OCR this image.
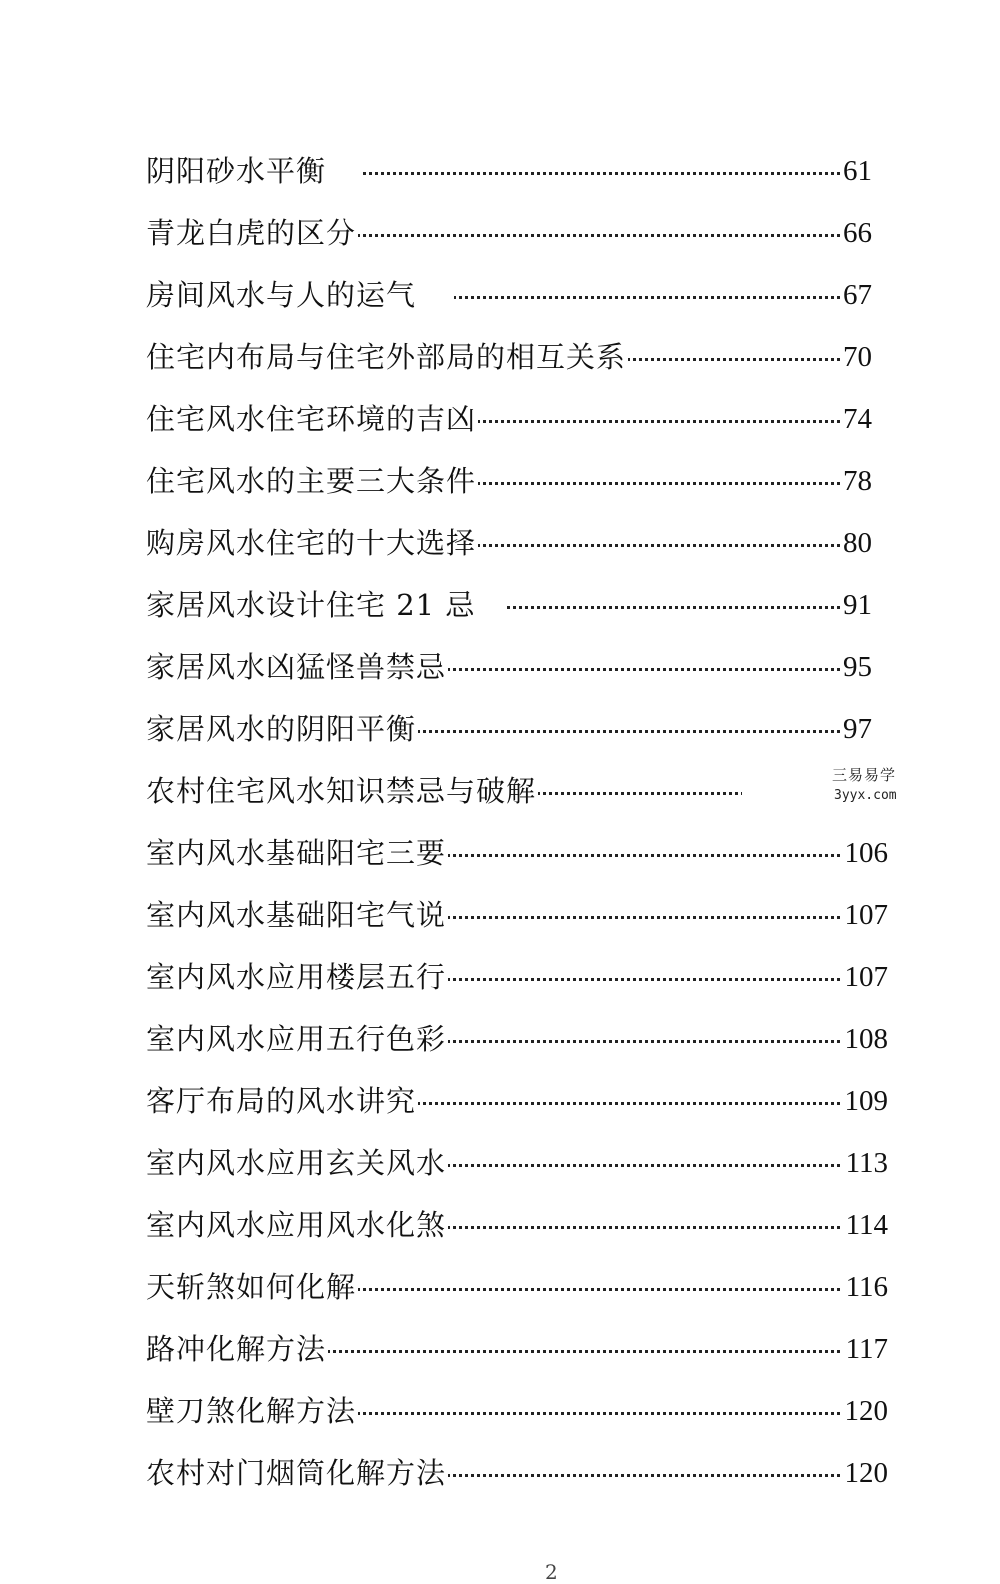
阴阳砂水平衡	61
青龙白虎的区分	66
房间风水与人的运气	67
住宅内布局与住宅外部局的相互关系	70
住宅风水住宅环境的吉凶	74
住宅风水的主要三大条件	78
购房风水住宅的十大选择	80
家居风水设计住宅 21 忌	91
家居风水凶猛怪兽禁忌	95
家居风水的阴阳平衡	97
农村住宅风水知识禁忌与破解
室内风水基础阳宅三要	106
室内风水基础阳宅气说	107
室内风水应用楼层五行	107
室内风水应用五行色彩	108
客厅布局的风水讲究	109
室内风水应用玄关风水	113
室内风水应用风水化煞	114
天斩煞如何化解	116
路冲化解方法	117
壁刀煞化解方法	120
农村对门烟筒化解方法	120
三易易学
3yyx.com
2
